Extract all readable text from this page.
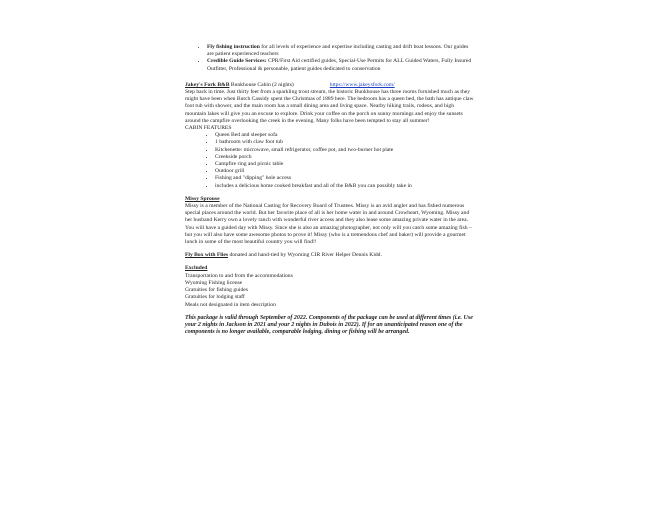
• Fly fishing instruction for all levels of experience and expertise including casting and drift boat lessons. Our guides are patient experienced teachers
• Credible Guide Services: CPR/First Aid certified guides, Special-Use Permits for ALL Guided Waters, Fully Insured Outfitter, Professional & personable, patient guides dedicated to conservation
Jakey's Fork B&B Bunkhouse Cabin (2 nights)	https://www.jakeysfork.com/

Step back in time. Just thirty feet from a sparkling trout stream, the historic Bunkhouse has three rooms furnished much as they might have been when Butch Cassidy spent the Christmas of 1889 here. The bedroom has a queen bed, the bath has antique claw foot tub with shower, and the main room has a small dining area and living space. Nearby hiking trails, rodeos, and high mountain lakes will give you an excuse to explore. Drink your coffee on the porch on sunny mornings and enjoy the sunsets around the campfire overlooking the creek in the evening. Many folks have been tempted to stay all summer!

CABIN FEATURES
• Queen Bed and sleeper sofa
• 1 bathroom with claw foot tub
• Kitchenette: microwave, small refrigerator, coffee pot, and two-burner hot plate
• Creekside porch
• Campfire ring and picnic table
• Outdoor grill
• Fishing and "dipping" hole access
• includes a delicious home cooked breakfast and all of the B&B you can possibly take in
Missy Sprouse

Missy is a member of the National Casting for Recovery Board of Trustees. Missy is an avid angler and has fished numerous special places around the world. But her favorite place of all is her home water in and around Crowheart, Wyoming. Missy and her husband Kerry own a lovely ranch with wonderful river access and they also lease some amazing private water in the area. You will have a guided day with Missy. Since she is also an amazing photographer, not only will you catch some amazing fish – but you will also have some awesome photos to prove it! Missy (who is a tremendous chef and baker) will provide a gourmet lunch in some of the most beautiful country you will find!!

Fly Box with Flies donated and hand-tied by Wyoming CIR River Helper Dennis Kidd.
Excluded
Transportation to and from the accommodations
Wyoming Fishing license
Gratuities for fishing guides
Gratuities for lodging staff
Meals not designated in item description
This package is valid through September of 2022. Components of the package can be used at different times (i.e. Use your 2 nights in Jackson in 2021 and your 2 nights in Dubois in 2022). If for an unanticipated reason one of the components is no longer available, comparable lodging, dining or fishing will be arranged.
